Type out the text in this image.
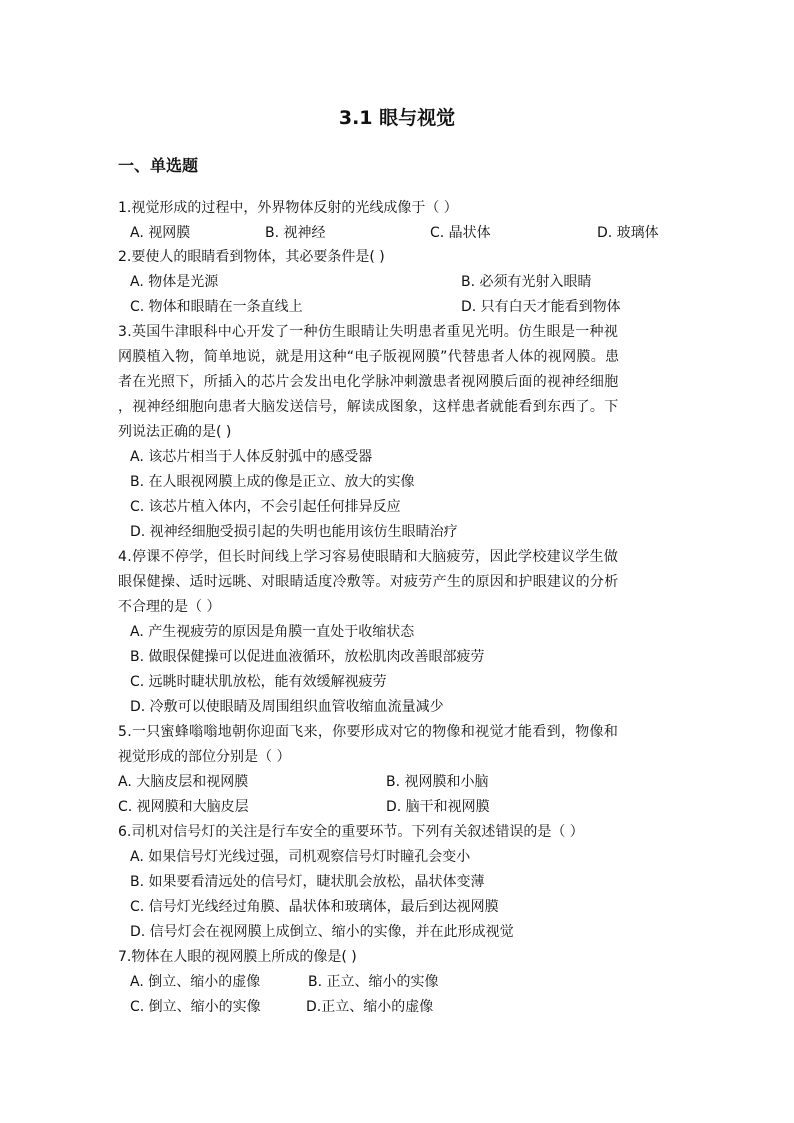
3.1 眼与视觉
一、单选题
1.视觉形成的过程中，外界物体反射的光线成像于（ ）
A. 视网膜	B. 视神经	C. 晶状体	D. 玻璃体
2.要使人的眼睛看到物体，其必要条件是( )
A. 物体是光源	B. 必须有光射入眼睛
C. 物体和眼睛在一条直线上	D. 只有白天才能看到物体
3.英国牛津眼科中心开发了一种仿生眼睛让失明患者重见光明。仿生眼是一种视
网膜植入物，简单地说，就是用这种“电子版视网膜”代替患者人体的视网膜。患
者在光照下，所插入的芯片会发出电化学脉冲刺激患者视网膜后面的视神经细胞
，视神经细胞向患者大脑发送信号，解读成图象，这样患者就能看到东西了。下
列说法正确的是( )
A. 该芯片相当于人体反射弧中的感受器
B. 在人眼视网膜上成的像是正立、放大的实像
C. 该芯片植入体内，不会引起任何排异反应
D. 视神经细胞受损引起的失明也能用该仿生眼睛治疗
4.停课不停学，但长时间线上学习容易使眼睛和大脑疲劳，因此学校建议学生做
眼保健操、适时远眺、对眼睛适度冷敷等。对疲劳产生的原因和护眼建议的分析
不合理的是（ ）
A. 产生视疲劳的原因是角膜一直处于收缩状态
B. 做眼保健操可以促进血液循环，放松肌肉改善眼部疲劳
C. 远眺时睫状肌放松，能有效缓解视疲劳
D. 冷敷可以使眼睛及周围组织血管收缩血流量减少
5.一只蜜蜂嗡嗡地朝你迎面飞来，你要形成对它的物像和视觉才能看到，物像和
视觉形成的部位分别是（ ）
A. 大脑皮层和视网膜	B. 视网膜和小脑
C. 视网膜和大脑皮层	D. 脑干和视网膜
6.司机对信号灯的关注是行车安全的重要环节。下列有关叙述错误的是（ ）
A. 如果信号灯光线过强，司机观察信号灯时瞳孔会变小
B. 如果要看清远处的信号灯，睫状肌会放松，晶状体变薄
C. 信号灯光线经过角膜、晶状体和玻璃体，最后到达视网膜
D. 信号灯会在视网膜上成倒立、缩小的实像，并在此形成视觉
7.物体在人眼的视网膜上所成的像是( )
A. 倒立、缩小的虚像	B. 正立、缩小的实像
C. 倒立、缩小的实像	D.正立、缩小的虚像
